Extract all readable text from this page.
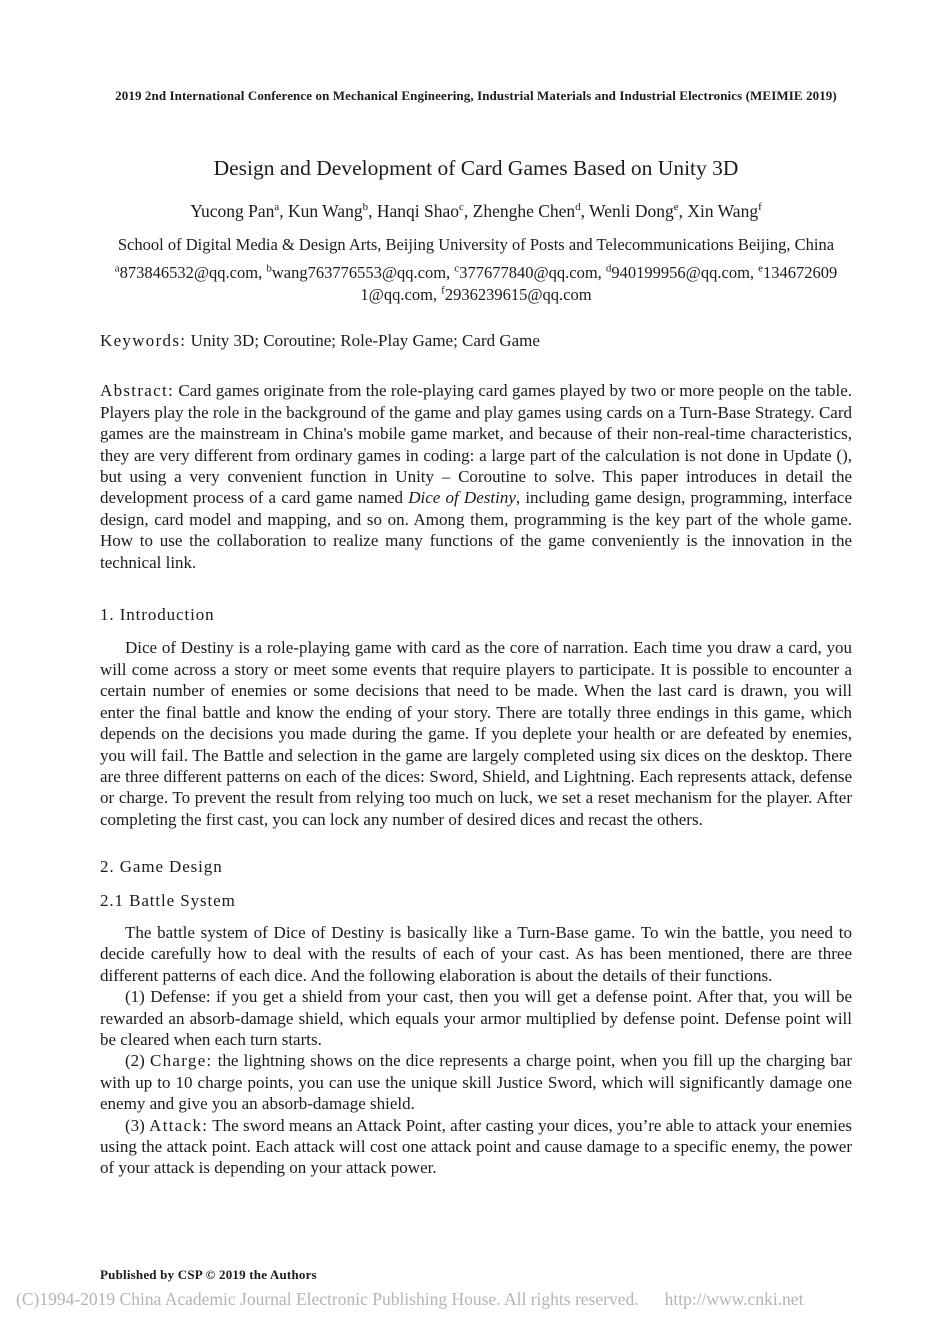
2019 2nd International Conference on Mechanical Engineering, Industrial Materials and Industrial Electronics (MEIMIE 2019)
Design and Development of Card Games Based on Unity 3D
Yucong Pan$^a$, Kun Wang$^b$, Hanqi Shao$^c$, Zhenghe Chen$^d$, Wenli Dong$^e$, Xin Wang$^f$
School of Digital Media & Design Arts, Beijing University of Posts and Telecommunications Beijing, China
$^a$873846532@qq.com, $^b$wang763776553@qq.com, $^c$377677840@qq.com, $^d$940199956@qq.com, $^e$134672609
1@qq.com, $^f$2936239615@qq.com

Keywords: Unity 3D; Coroutine; Role-Play Game; Card Game

Abstract: Card games originate from the role-playing card games played by two or more people on the table. Players play the role in the background of the game and play games using cards on a Turn-Base Strategy. Card games are the mainstream in China's mobile game market, and because of their non-real-time characteristics, they are very different from ordinary games in coding: a large part of the calculation is not done in Update (), but using a very convenient function in Unity – Coroutine to solve. This paper introduces in detail the development process of a card game named Dice of Destiny, including game design, programming, interface design, card model and mapping, and so on. Among them, programming is the key part of the whole game. How to use the collaboration to realize many functions of the game conveniently is the innovation in the technical link.

1. Introduction

Dice of Destiny is a role-playing game with card as the core of narration. Each time you draw a card, you will come across a story or meet some events that require players to participate. It is possible to encounter a certain number of enemies or some decisions that need to be made. When the last card is drawn, you will enter the final battle and know the ending of your story. There are totally three endings in this game, which depends on the decisions you made during the game. If you deplete your health or are defeated by enemies, you will fail. The Battle and selection in the game are largely completed using six dices on the desktop. There are three different patterns on each of the dices: Sword, Shield, and Lightning. Each represents attack, defense or charge. To prevent the result from relying too much on luck, we set a reset mechanism for the player. After completing the first cast, you can lock any number of desired dices and recast the others.

2. Game Design
2.1 Battle System

The battle system of Dice of Destiny is basically like a Turn-Base game. To win the battle, you need to decide carefully how to deal with the results of each of your cast. As has been mentioned, there are three different patterns of each dice. And the following elaboration is about the details of their functions.

(1) Defense: if you get a shield from your cast, then you will get a defense point. After that, you will be rewarded an absorb-damage shield, which equals your armor multiplied by defense point. Defense point will be cleared when each turn starts.

(2) Charge: the lightning shows on the dice represents a charge point, when you fill up the charging bar with up to 10 charge points, you can use the unique skill Justice Sword, which will significantly damage one enemy and give you an absorb-damage shield.

(3) Attack: The sword means an Attack Point, after casting your dices, you’re able to attack your enemies using the attack point. Each attack will cost one attack point and cause damage to a specific enemy, the power of your attack is depending on your attack power.

Published by CSP © 2019 the Authors
(C)1994-2019 China Academic Journal Electronic Publishing House. All rights reserved. http://www.cnki.net
